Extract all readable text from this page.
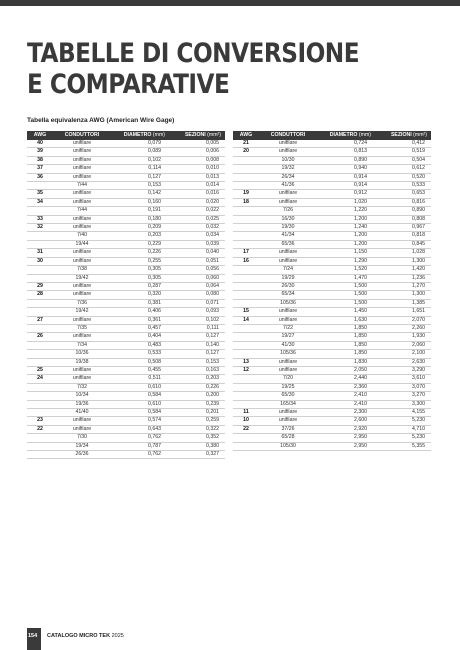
TABELLE DI CONVERSIONE
E COMPARATIVE
Tabella equivalenza AWG (American Wire Gage)
AWG	CONDUTTORI	DIAMETRO (mm)	SEZIONI (mm²)
40	unifilare	0,079	0,005
39	unifilare	0,089	0,006
38	unifilare	0,102	0,008
37	unifilare	0,114	0,010
36	unifilare	0,127	0,013
	7/44	0,153	0,014
35	unifilare	0,142	0,016
34	unifilare	0,160	0,020
	7/44	0,191	0,022
33	unifilare	0,180	0,025
32	unifilare	0,209	0,032
	7/40	0,203	0,034
	19/44	0,229	0,039
31	unifilare	0,226	0,040
30	unifilare	0,255	0,051
	7/38	0,305	0,056
	19/42	0,305	0,060
29	unifilare	0,287	0,064
28	unifilare	0,320	0,080
	7/36	0,381	0,071
	19/42	0,406	0,093
27	unifilare	0,361	0,102
	7/35	0,457	0,111
26	unifilare	0,404	0,127
	7/34	0,483	0,140
	10/36	0,533	0,127
	19/38	0,508	0,153
25	unifilare	0,455	0,163
24	unifilare	0,511	0,203
	7/32	0,610	0,226
	10/34	0,584	0,200
	19/36	0,610	0,239
	41/40	0,584	0,201
23	unifilare	0,574	0,259
22	unifilare	0,643	0,322
	7/30	0,762	0,352
	19/34	0,787	0,380
	26/36	0,762	0,327
AWG	CONDUTTORI	DIAMETRO (mm)	SEZIONI (mm²)
21	unifilare	0,724	0,412
20	unifilare	0,813	0,519
	10/30	0,890	0,504
	19/32	0,940	0,612
	26/34	0,914	0,520
	41/36	0,914	0,533
19	unifilare	0,912	0,653
18	unifilare	1,020	0,816
	7/26	1,220	0,890
	16/30	1,200	0,808
	19/30	1,240	0,967
	41/34	1,200	0,818
	65/36	1,200	0,845
17	unifilare	1,150	1,028
16	unifilare	1,290	1,300
	7/24	1,520	1,420
	19/29	1,470	1,236
	26/30	1,500	1,270
	65/34	1,500	1,300
	105/36	1,500	1,385
15	unifilare	1,450	1,651
14	unifilare	1,630	2,070
	7/22	1,850	2,260
	19/27	1,850	1,930
	41/30	1,850	2,060
	105/36	1,850	2,100
13	unifilare	1,830	2,630
12	unifilare	2,050	3,290
	7/20	2,440	3,610
	19/25	2,360	3,070
	65/30	2,410	3,270
	165/34	2,410	3,300
11	unifilare	2,300	4,155
10	unifilare	2,600	5,230
22	37/26	2,920	4,710
	65/28	2,950	5,230
	105/30	2,950	5,355
154 CATALOGO MICRO TEK 2025
